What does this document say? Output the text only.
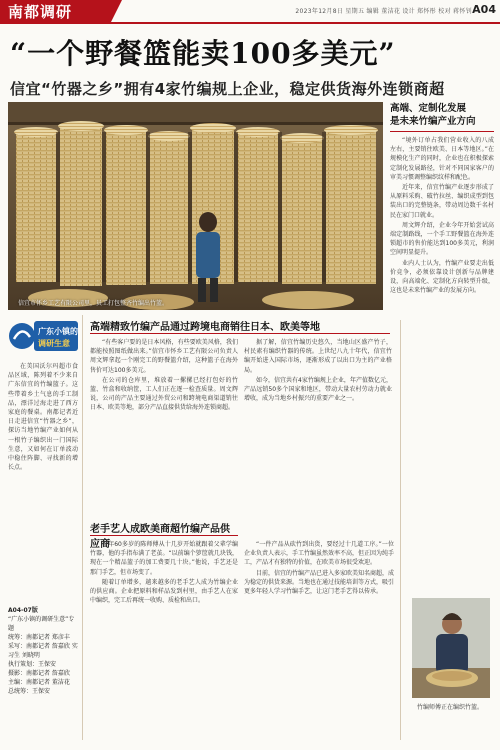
南都调研	2023年12月8日 星期五 编辑 董洁花 设计 郑怀彤 校对 蒋怀钊 A04
“一个野餐篮能卖100多美元”
信宜“竹器之乡”拥有4家竹编规上企业，稳定供货海外连锁商超
信宜市怀乡工艺有限公司里，员工打包整齐竹编出竹篮。
高端、定制化发展
是未来竹编产业方向

“境外订单占我们营业收入的八成左右，主要销往欧美、日本等地区。”在规模化生产的同时，企业也在积极探索定制化发展路径，针对不同国家客户的审美习惯调整编织纹样和配色。

近年来，信宜竹编产业逐步形成了从原料采购、破竹拉丝、编织成型到包装出口的完整链条，带动周边数千名村民在家门口就业。

周文辉介绍，企业今年开始尝试高端定制路线，一个手工野餐篮在海外连锁超市的售价能达到100多美元，利润空间明显提升。

业内人士认为，竹编产业要走出低价竞争，必须依靠设计创新与品牌建设，向高端化、定制化方向转型升级，这也是未来竹编产业的发展方向。

广东小镇的
调研生意

在美国沃尔玛超市食品区域，陈列着不少来自广东信宜的竹编篮子。这些带着乡土气息的手工制品，漂洋过海走进了西方家庭的餐桌。南都记者近日走进信宜“竹器之乡”，探访当地竹编产业如何从一根竹子编织出一门国际生意，又如何在订单波动中稳住阵脚、寻找新的增长点。

A04-07版
“广东小镇的调研生意”专题
统筹：南都记者 郑彦丰
采写：南都记者 詹嘉欣 实习生 刘晓明
执行策划：王保安
摄影：南都记者 詹嘉欣
主编：南都记者 董洁花
总统筹：王保安
高端精致竹编产品通过跨境电商销往日本、欧美等地

“有些客户要的是日本风格，有些要欧美风格，我们都能按照图纸做出来。”信宜市怀乡工艺有限公司负责人周文辉拿起一个刚完工的野餐篮介绍，这种篮子在海外售价可达100多美元。

在公司的仓库里，堆放着一摞摞已经打包好的竹篮、竹盒和收纳筐，工人们正在逐一检查质量。周文辉说，公司的产品主要通过外贸公司和跨境电商渠道销往日本、欧美等地，部分产品直接供货给海外连锁商超。

据了解，信宜竹编历史悠久，当地山区盛产竹子，村民素有编织竹器的传统。上世纪八九十年代，信宜竹编开始进入国际市场，逐渐形成了以出口为主的产业格局。

如今，信宜共有4家竹编规上企业，年产值数亿元，产品远销50多个国家和地区，带动大量农村劳动力就业增收，成为当地乡村振兴的重要产业之一。

老手艺人成欧美商超竹编产品供应商

今年60多岁的陈师傅从十几岁开始就跟着父辈学编竹器，他的手指布满了老茧。“以前编个箩筐就几块钱，现在一个精品篮子的加工费要几十块。”他说，手艺还是那门手艺，但市场变了。

随着订单增多，越来越多的老手艺人成为竹编企业的供应商。企业把原料和样品发到村里，由手艺人在家中编织，完工后再统一收购、质检和出口。

“一件产品从砍竹到出货，要经过十几道工序。”一位企业负责人表示，手工竹编虽然效率不高，但正因为纯手工，产品才有独特的价值，在欧美市场很受欢迎。

目前，信宜的竹编产品已进入多家欧美知名商超，成为稳定的供货来源。当地也在通过技能培训等方式，吸引更多年轻人学习竹编手艺，让这门老手艺得以传承。

竹编师傅正在编织竹篮。
